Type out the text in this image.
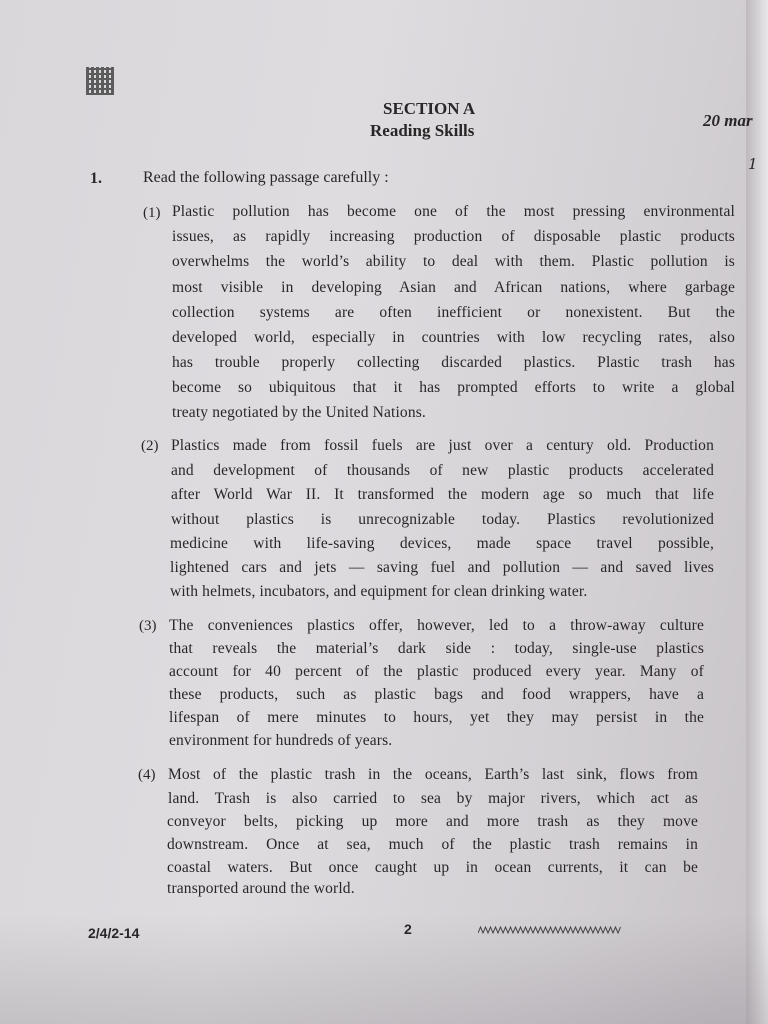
SECTION A
Reading Skills
20 mar
1
1.	Read the following passage carefully :
(1) Plastic pollution has become one of the most pressing environmental
issues, as rapidly increasing production of disposable plastic products
overwhelms the world’s ability to deal with them. Plastic pollution is
most visible in developing Asian and African nations, where garbage
collection systems are often inefficient or nonexistent. But the
developed world, especially in countries with low recycling rates, also
has trouble properly collecting discarded plastics. Plastic trash has
become so ubiquitous that it has prompted efforts to write a global
treaty negotiated by the United Nations.
(2) Plastics made from fossil fuels are just over a century old. Production
and development of thousands of new plastic products accelerated
after World War II. It transformed the modern age so much that life
without plastics is unrecognizable today. Plastics revolutionized
medicine with life-saving devices, made space travel possible,
lightened cars and jets — saving fuel and pollution — and saved lives
with helmets, incubators, and equipment for clean drinking water.
(3) The conveniences plastics offer, however, led to a throw-away culture
that reveals the material’s dark side : today, single-use plastics
account for 40 percent of the plastic produced every year. Many of
these products, such as plastic bags and food wrappers, have a
lifespan of mere minutes to hours, yet they may persist in the
environment for hundreds of years.
(4) Most of the plastic trash in the oceans, Earth’s last sink, flows from
land. Trash is also carried to sea by major rivers, which act as
conveyor belts, picking up more and more trash as they move
downstream. Once at sea, much of the plastic trash remains in
coastal waters. But once caught up in ocean currents, it can be
transported around the world.
2/4/2-14	2
